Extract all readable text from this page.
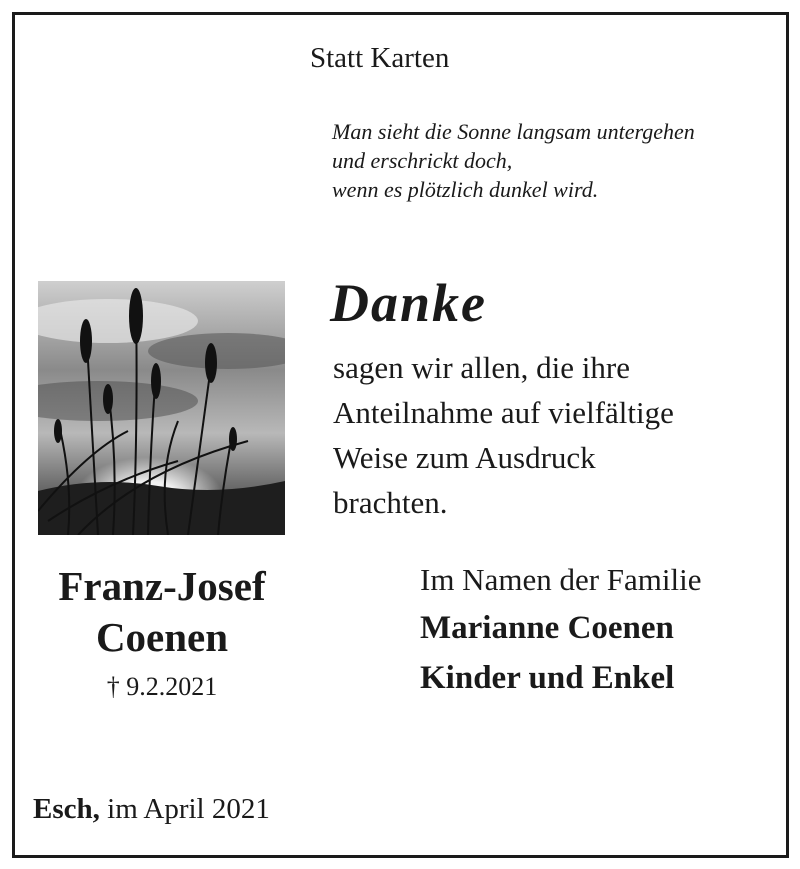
Statt Karten
Man sieht die Sonne langsam untergehen
und erschrickt doch,
wenn es plötzlich dunkel wird.
Danke
sagen wir allen, die ihre
Anteilnahme auf vielfältige
Weise zum Ausdruck
brachten.
Franz-Josef
Coenen
† 9.2.2021
Im Namen der Familie
Marianne Coenen
Kinder und Enkel
Esch, im April 2021
